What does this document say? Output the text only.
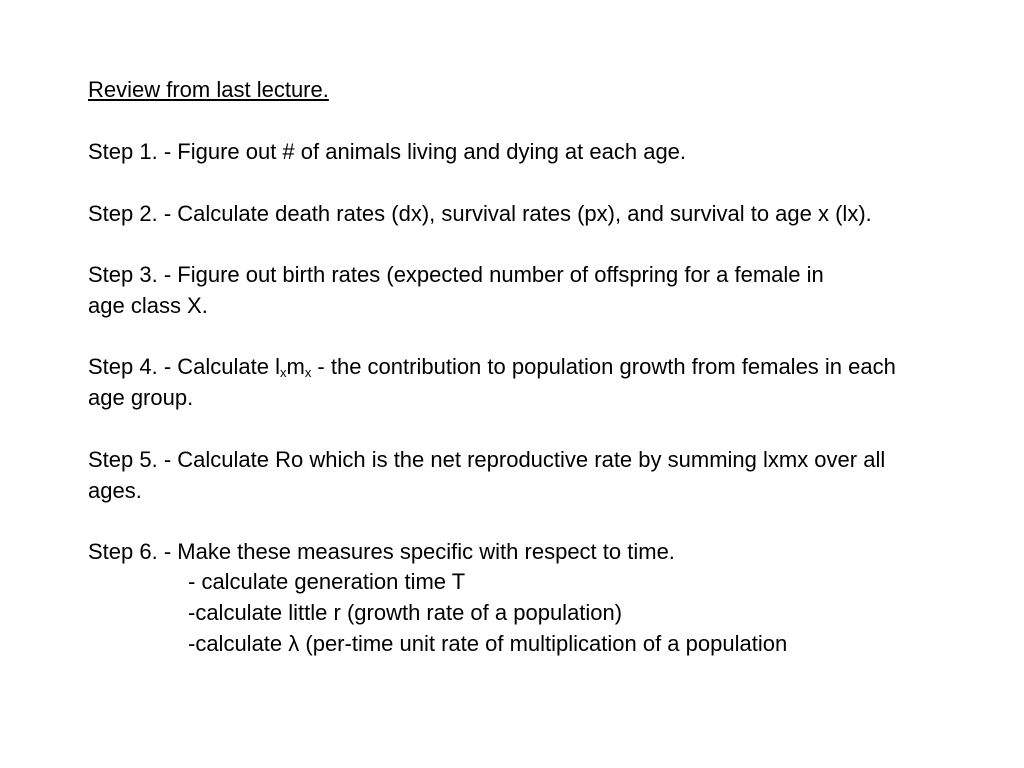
Review from last lecture.
Step 1. - Figure out # of animals living and dying at each age.
Step 2. - Calculate death rates (dx), survival rates (px), and survival to age x (lx).
Step 3. - Figure out birth rates (expected number of offspring for a female in
age class X.
Step 4. - Calculate $l_xm_x$ - the contribution to population growth from females in each
age group.
Step 5. - Calculate Ro which is the net reproductive rate by summing lxmx over all
ages.
Step 6. - Make these measures specific with respect to time.
- calculate generation time T
-calculate little r (growth rate of a population)
-calculate λ (per-time unit rate of multiplication of a population
